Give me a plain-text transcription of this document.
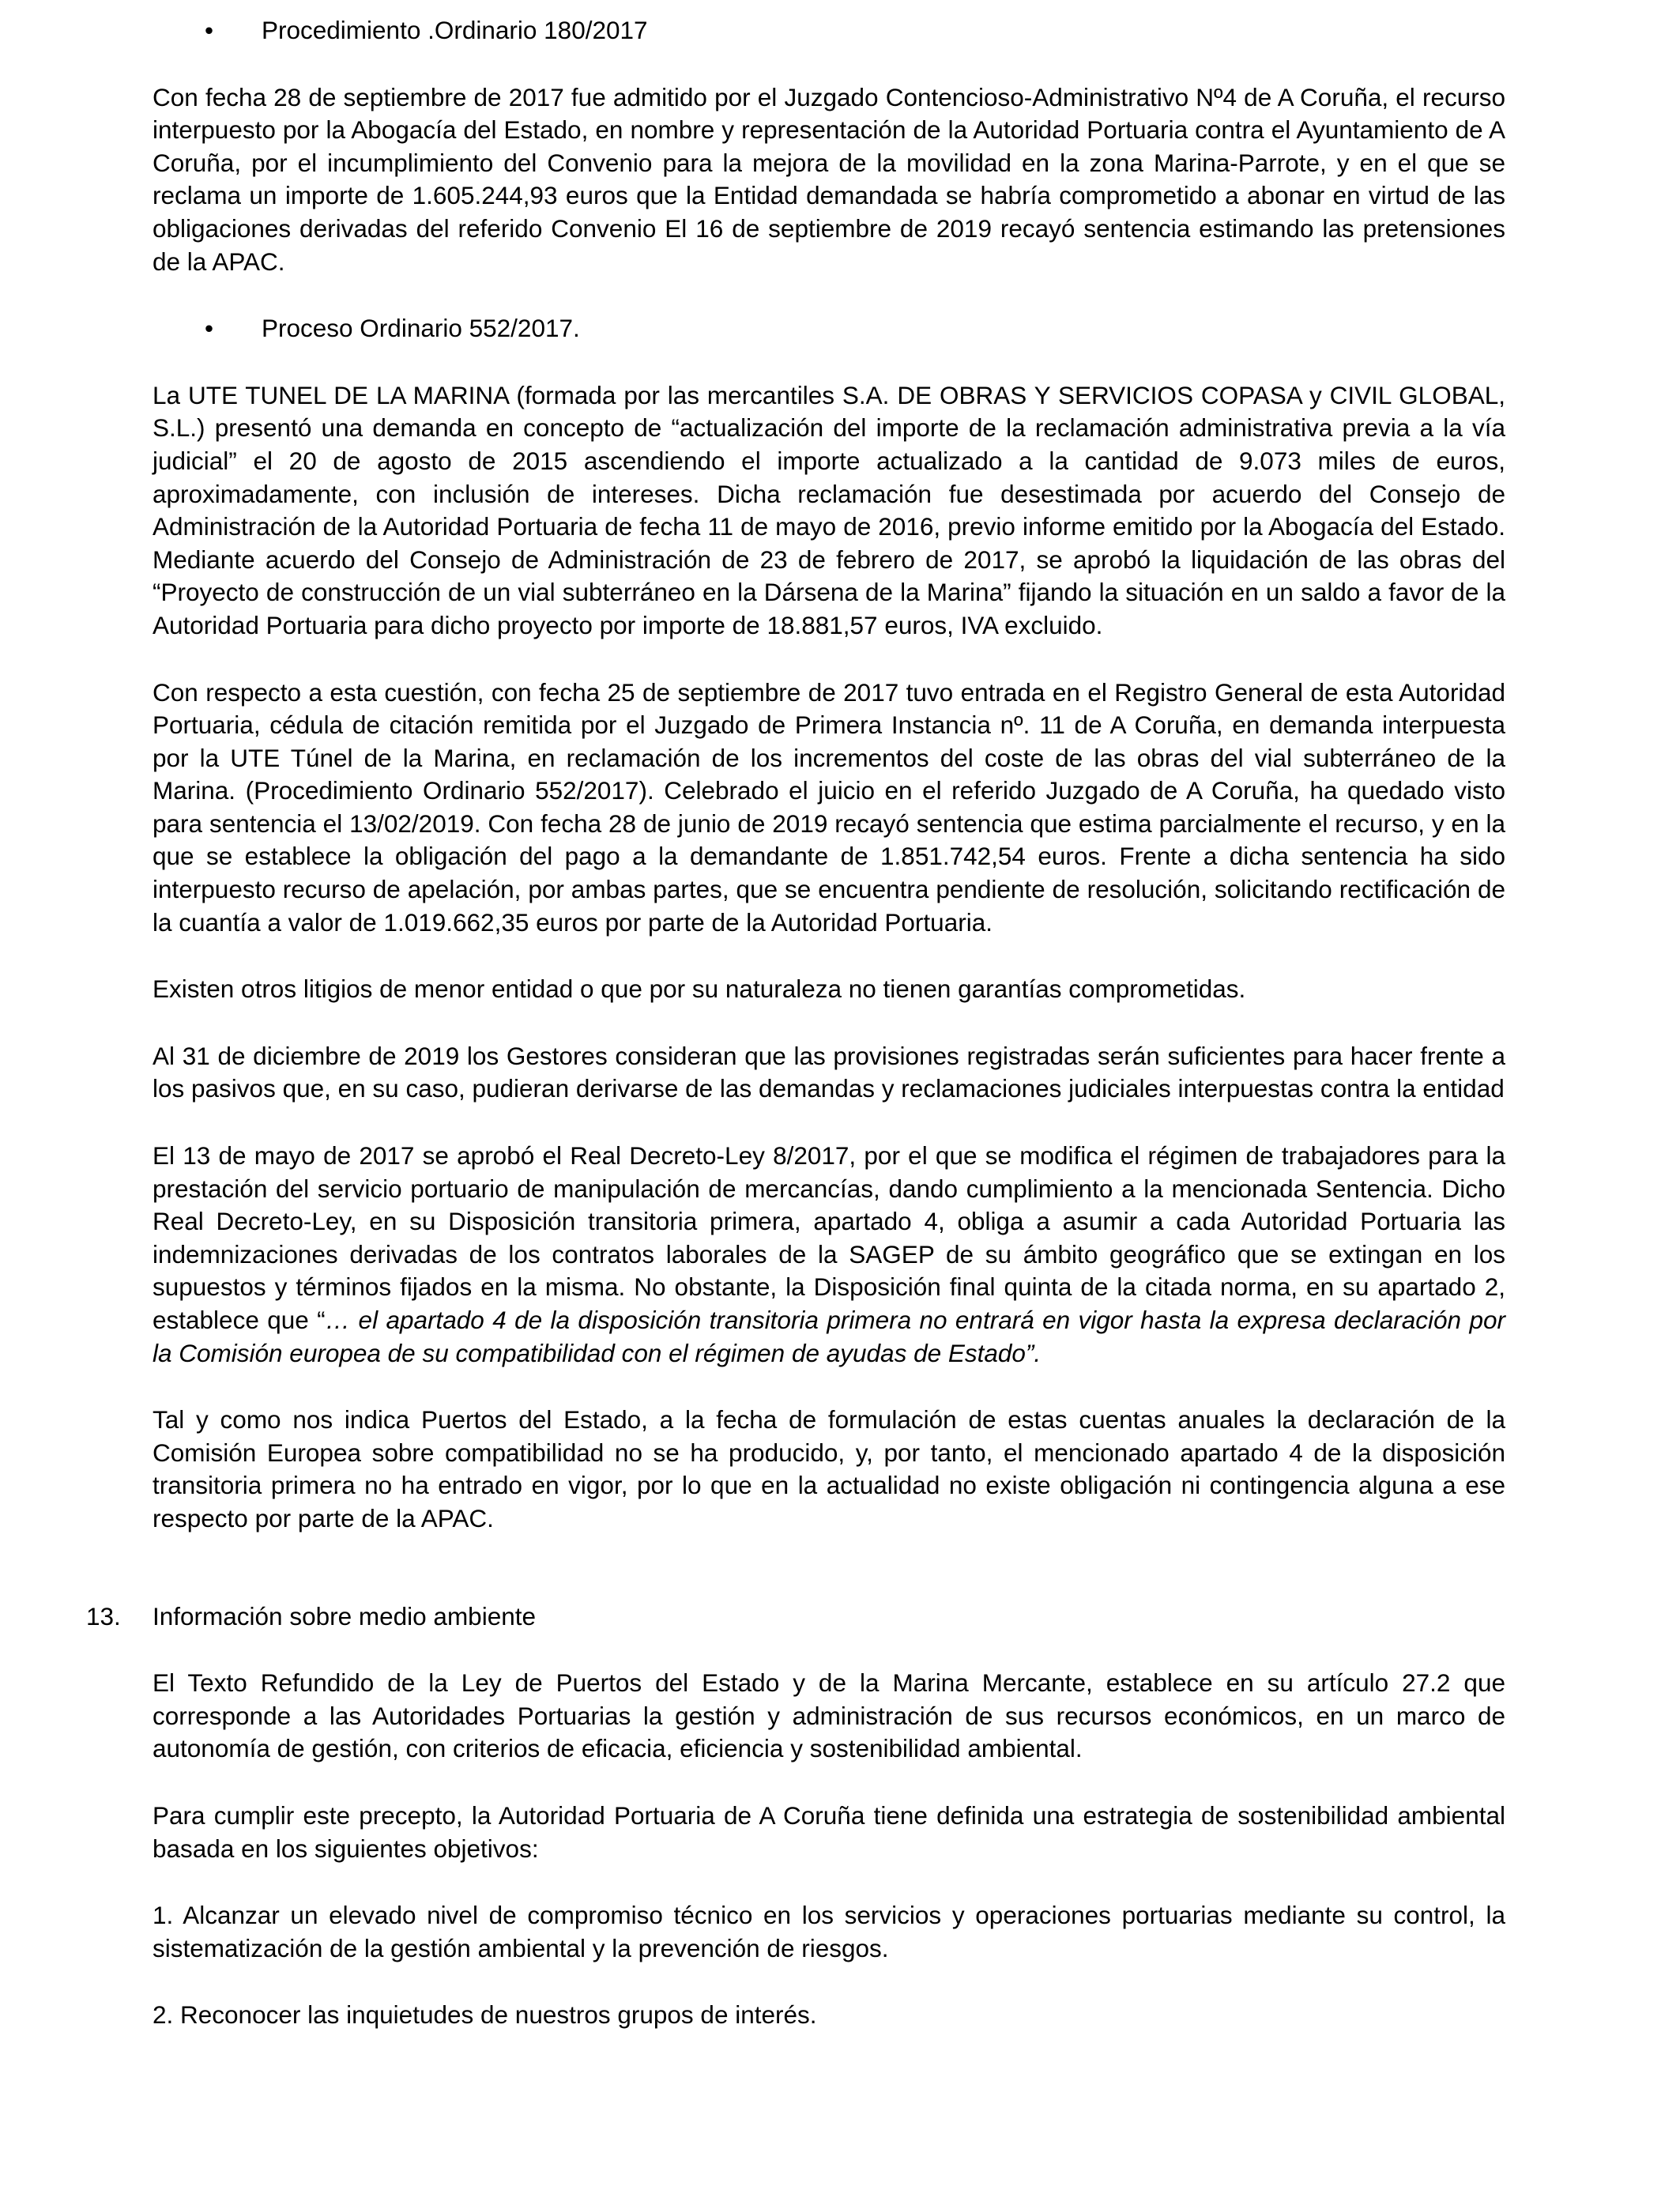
• Procedimiento .Ordinario 180/2017

Con fecha 28 de septiembre de 2017 fue admitido por el Juzgado Contencioso-Administrativo Nº4 de A Coruña, el recurso interpuesto por la Abogacía del Estado, en nombre y representación de la Autoridad Portuaria contra el Ayuntamiento de A Coruña, por el incumplimiento del Convenio para la mejora de la movilidad en la zona Marina-Parrote, y en el que se reclama un importe de 1.605.244,93 euros que la Entidad demandada se habría comprometido a abonar en virtud de las obligaciones derivadas del referido Convenio El 16 de septiembre de 2019 recayó sentencia estimando las pretensiones de la APAC.

• Proceso Ordinario 552/2017.

La UTE TUNEL DE LA MARINA (formada por las mercantiles S.A. DE OBRAS Y SERVICIOS COPASA y CIVIL GLOBAL, S.L.) presentó una demanda en concepto de “actualización del importe de la reclamación administrativa previa a la vía judicial” el 20 de agosto de 2015 ascendiendo el importe actualizado a la cantidad de 9.073 miles de euros, aproximadamente, con inclusión de intereses. Dicha reclamación fue desestimada por acuerdo del Consejo de Administración de la Autoridad Portuaria de fecha 11 de mayo de 2016, previo informe emitido por la Abogacía del Estado. Mediante acuerdo del Consejo de Administración de 23 de febrero de 2017, se aprobó la liquidación de las obras del “Proyecto de construcción de un vial subterráneo en la Dársena de la Marina” fijando la situación en un saldo a favor de la Autoridad Portuaria para dicho proyecto por importe de 18.881,57 euros, IVA excluido.

Con respecto a esta cuestión, con fecha 25 de septiembre de 2017 tuvo entrada en el Registro General de esta Autoridad Portuaria, cédula de citación remitida por el Juzgado de Primera Instancia nº. 11 de A Coruña, en demanda interpuesta por la UTE Túnel de la Marina, en reclamación de los incrementos del coste de las obras del vial subterráneo de la Marina. (Procedimiento Ordinario 552/2017). Celebrado el juicio en el referido Juzgado de A Coruña, ha quedado visto para sentencia el 13/02/2019. Con fecha 28 de junio de 2019 recayó sentencia que estima parcialmente el recurso, y en la que se establece la obligación del pago a la demandante de 1.851.742,54 euros. Frente a dicha sentencia ha sido interpuesto recurso de apelación, por ambas partes, que se encuentra pendiente de resolución, solicitando rectificación de la cuantía a valor de 1.019.662,35 euros por parte de la Autoridad Portuaria.

Existen otros litigios de menor entidad o que por su naturaleza no tienen garantías comprometidas.

Al 31 de diciembre de 2019 los Gestores consideran que las provisiones registradas serán suficientes para hacer frente a los pasivos que, en su caso, pudieran derivarse de las demandas y reclamaciones judiciales interpuestas contra la entidad

El 13 de mayo de 2017 se aprobó el Real Decreto-Ley 8/2017, por el que se modifica el régimen de trabajadores para la prestación del servicio portuario de manipulación de mercancías, dando cumplimiento a la mencionada Sentencia. Dicho Real Decreto-Ley, en su Disposición transitoria primera, apartado 4, obliga a asumir a cada Autoridad Portuaria las indemnizaciones derivadas de los contratos laborales de la SAGEP de su ámbito geográfico que se extingan en los supuestos y términos fijados en la misma. No obstante, la Disposición final quinta de la citada norma, en su apartado 2, establece que “… el apartado 4 de la disposición transitoria primera no entrará en vigor hasta la expresa declaración por la Comisión europea de su compatibilidad con el régimen de ayudas de Estado”.

Tal y como nos indica Puertos del Estado, a la fecha de formulación de estas cuentas anuales la declaración de la Comisión Europea sobre compatibilidad no se ha producido, y, por tanto, el mencionado apartado 4 de la disposición transitoria primera no ha entrado en vigor, por lo que en la actualidad no existe obligación ni contingencia alguna a ese respecto por parte de la APAC.

13. Información sobre medio ambiente

El Texto Refundido de la Ley de Puertos del Estado y de la Marina Mercante, establece en su artículo 27.2 que corresponde a las Autoridades Portuarias la gestión y administración de sus recursos económicos, en un marco de autonomía de gestión, con criterios de eficacia, eficiencia y sostenibilidad ambiental.

Para cumplir este precepto, la Autoridad Portuaria de A Coruña tiene definida una estrategia de sostenibilidad ambiental basada en los siguientes objetivos:

1. Alcanzar un elevado nivel de compromiso técnico en los servicios y operaciones portuarias mediante su control, la sistematización de la gestión ambiental y la prevención de riesgos.

2. Reconocer las inquietudes de nuestros grupos de interés.
